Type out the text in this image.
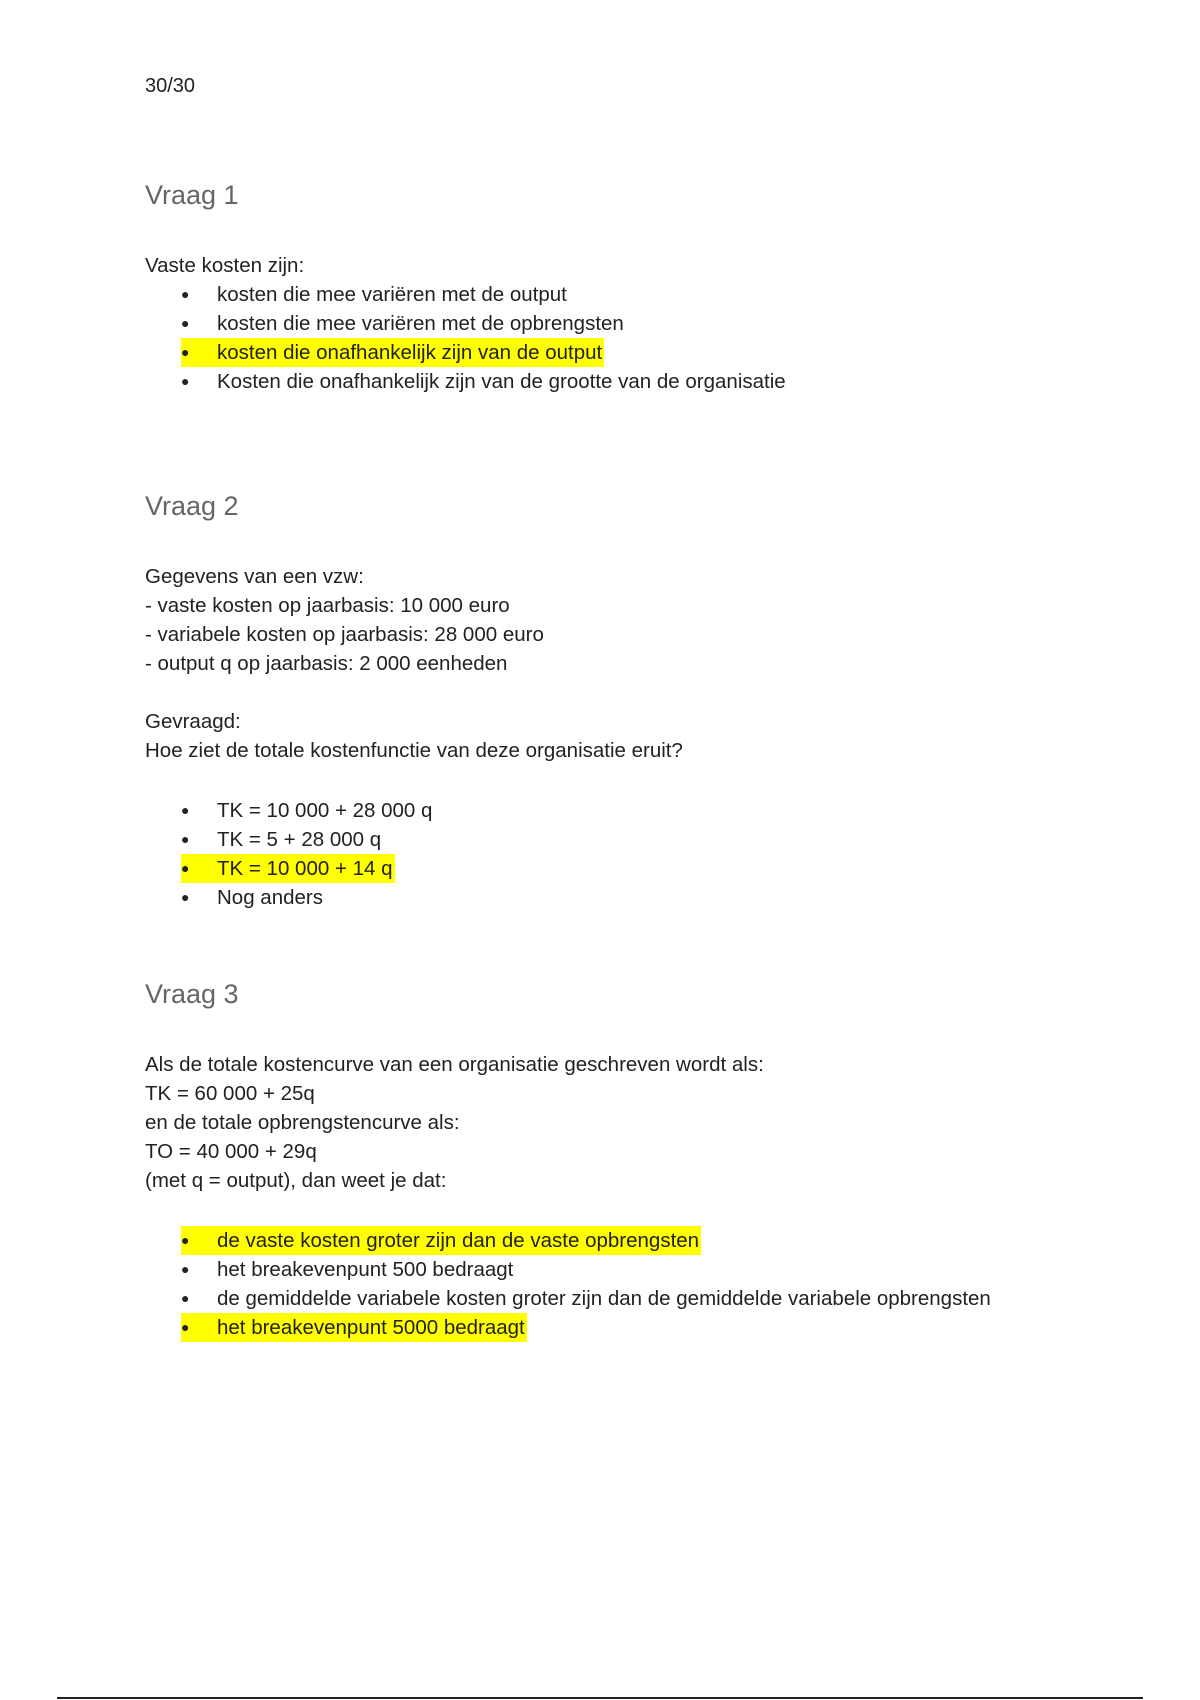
30/30
Vraag 1

Vaste kosten zijn:

● kosten die mee variëren met de output
● kosten die mee variëren met de opbrengsten
● kosten die onafhankelijk zijn van de output
● Kosten die onafhankelijk zijn van de grootte van de organisatie
Vraag 2

Gegevens van een vzw:

- vaste kosten op jaarbasis: 10 000 euro

- variabele kosten op jaarbasis: 28 000 euro

- output q op jaarbasis: 2 000 eenheden

Gevraagd:

Hoe ziet de totale kostenfunctie van deze organisatie eruit?

● TK = 10 000 + 28 000 q
● TK = 5 + 28 000 q
● TK = 10 000 + 14 q
● Nog anders
Vraag 3

Als de totale kostencurve van een organisatie geschreven wordt als:

TK = 60 000 + 25q

en de totale opbrengstencurve als:

TO = 40 000 + 29q

(met q = output), dan weet je dat:

● de vaste kosten groter zijn dan de vaste opbrengsten
● het breakevenpunt 500 bedraagt
● de gemiddelde variabele kosten groter zijn dan de gemiddelde variabele opbrengsten
● het breakevenpunt 5000 bedraagt
